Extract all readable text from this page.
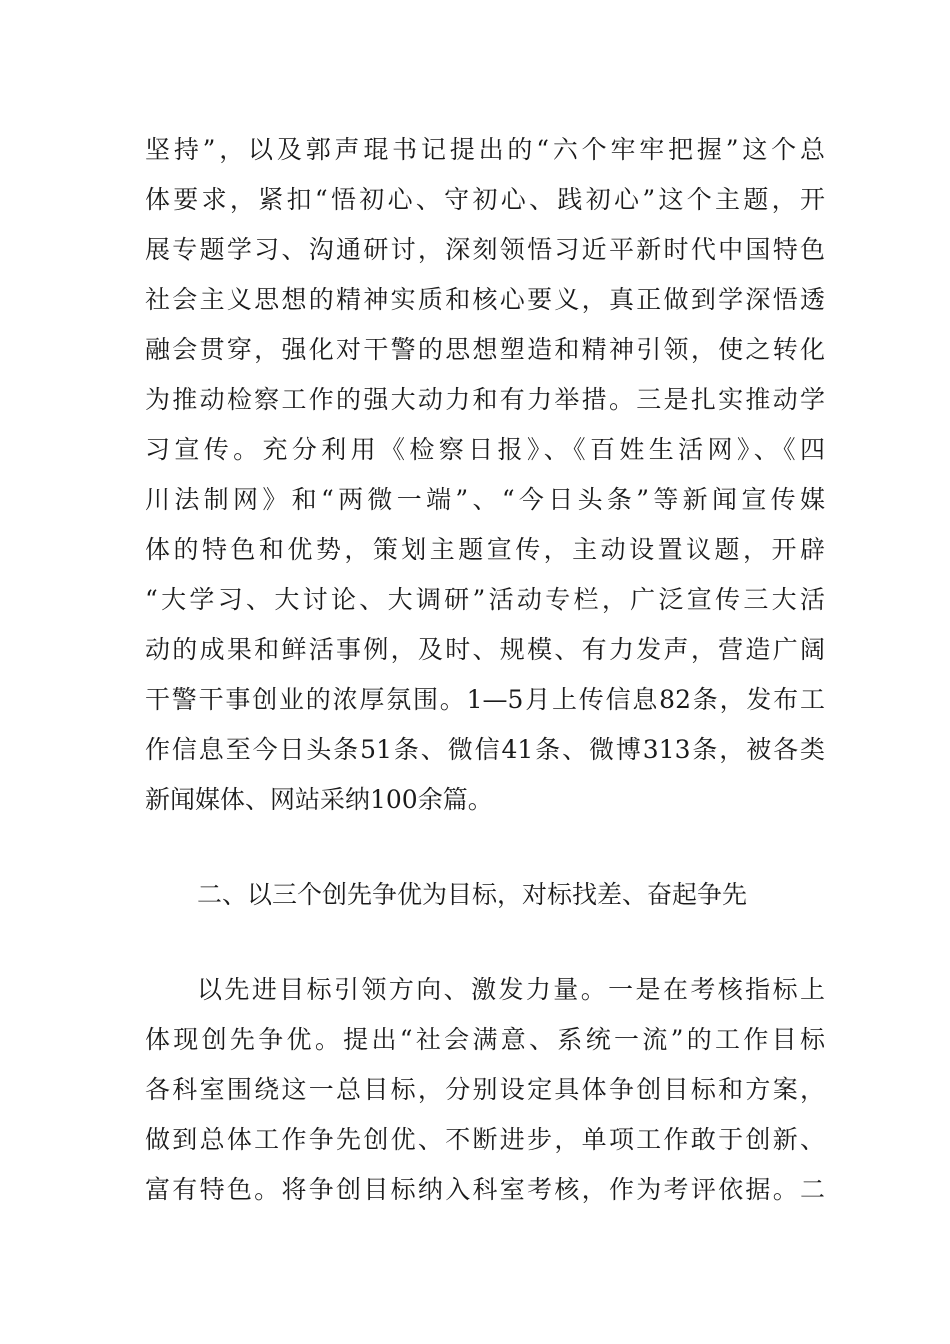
坚持”，以及郭声琨书记提出的“六个牢牢把握”这个总
体要求，紧扣“悟初心、守初心、践初心”这个主题，开
展专题学习、沟通研讨，深刻领悟习近平新时代中国特色
社会主义思想的精神实质和核心要义，真正做到学深悟透
融会贯穿，强化对干警的思想塑造和精神引领，使之转化
为推动检察工作的强大动力和有力举措。三是扎实推动学
习宣传。充分利用《检察日报》、《百姓生活网》、《四
川法制网》和“两微一端”、“今日头条”等新闻宣传媒
体的特色和优势，策划主题宣传，主动设置议题，开辟
“大学习、大讨论、大调研”活动专栏，广泛宣传三大活
动的成果和鲜活事例，及时、规模、有力发声，营造广阔
干警干事创业的浓厚氛围。1—5月上传信息82条，发布工
作信息至今日头条51条、微信41条、微博313条，被各类
新闻媒体、网站采纳100余篇。
二、以三个创先争优为目标，对标找差、奋起争先
以先进目标引领方向、激发力量。一是在考核指标上
体现创先争优。提出“社会满意、系统一流”的工作目标
各科室围绕这一总目标，分别设定具体争创目标和方案，
做到总体工作争先创优、不断进步，单项工作敢于创新、
富有特色。将争创目标纳入科室考核，作为考评依据。二
